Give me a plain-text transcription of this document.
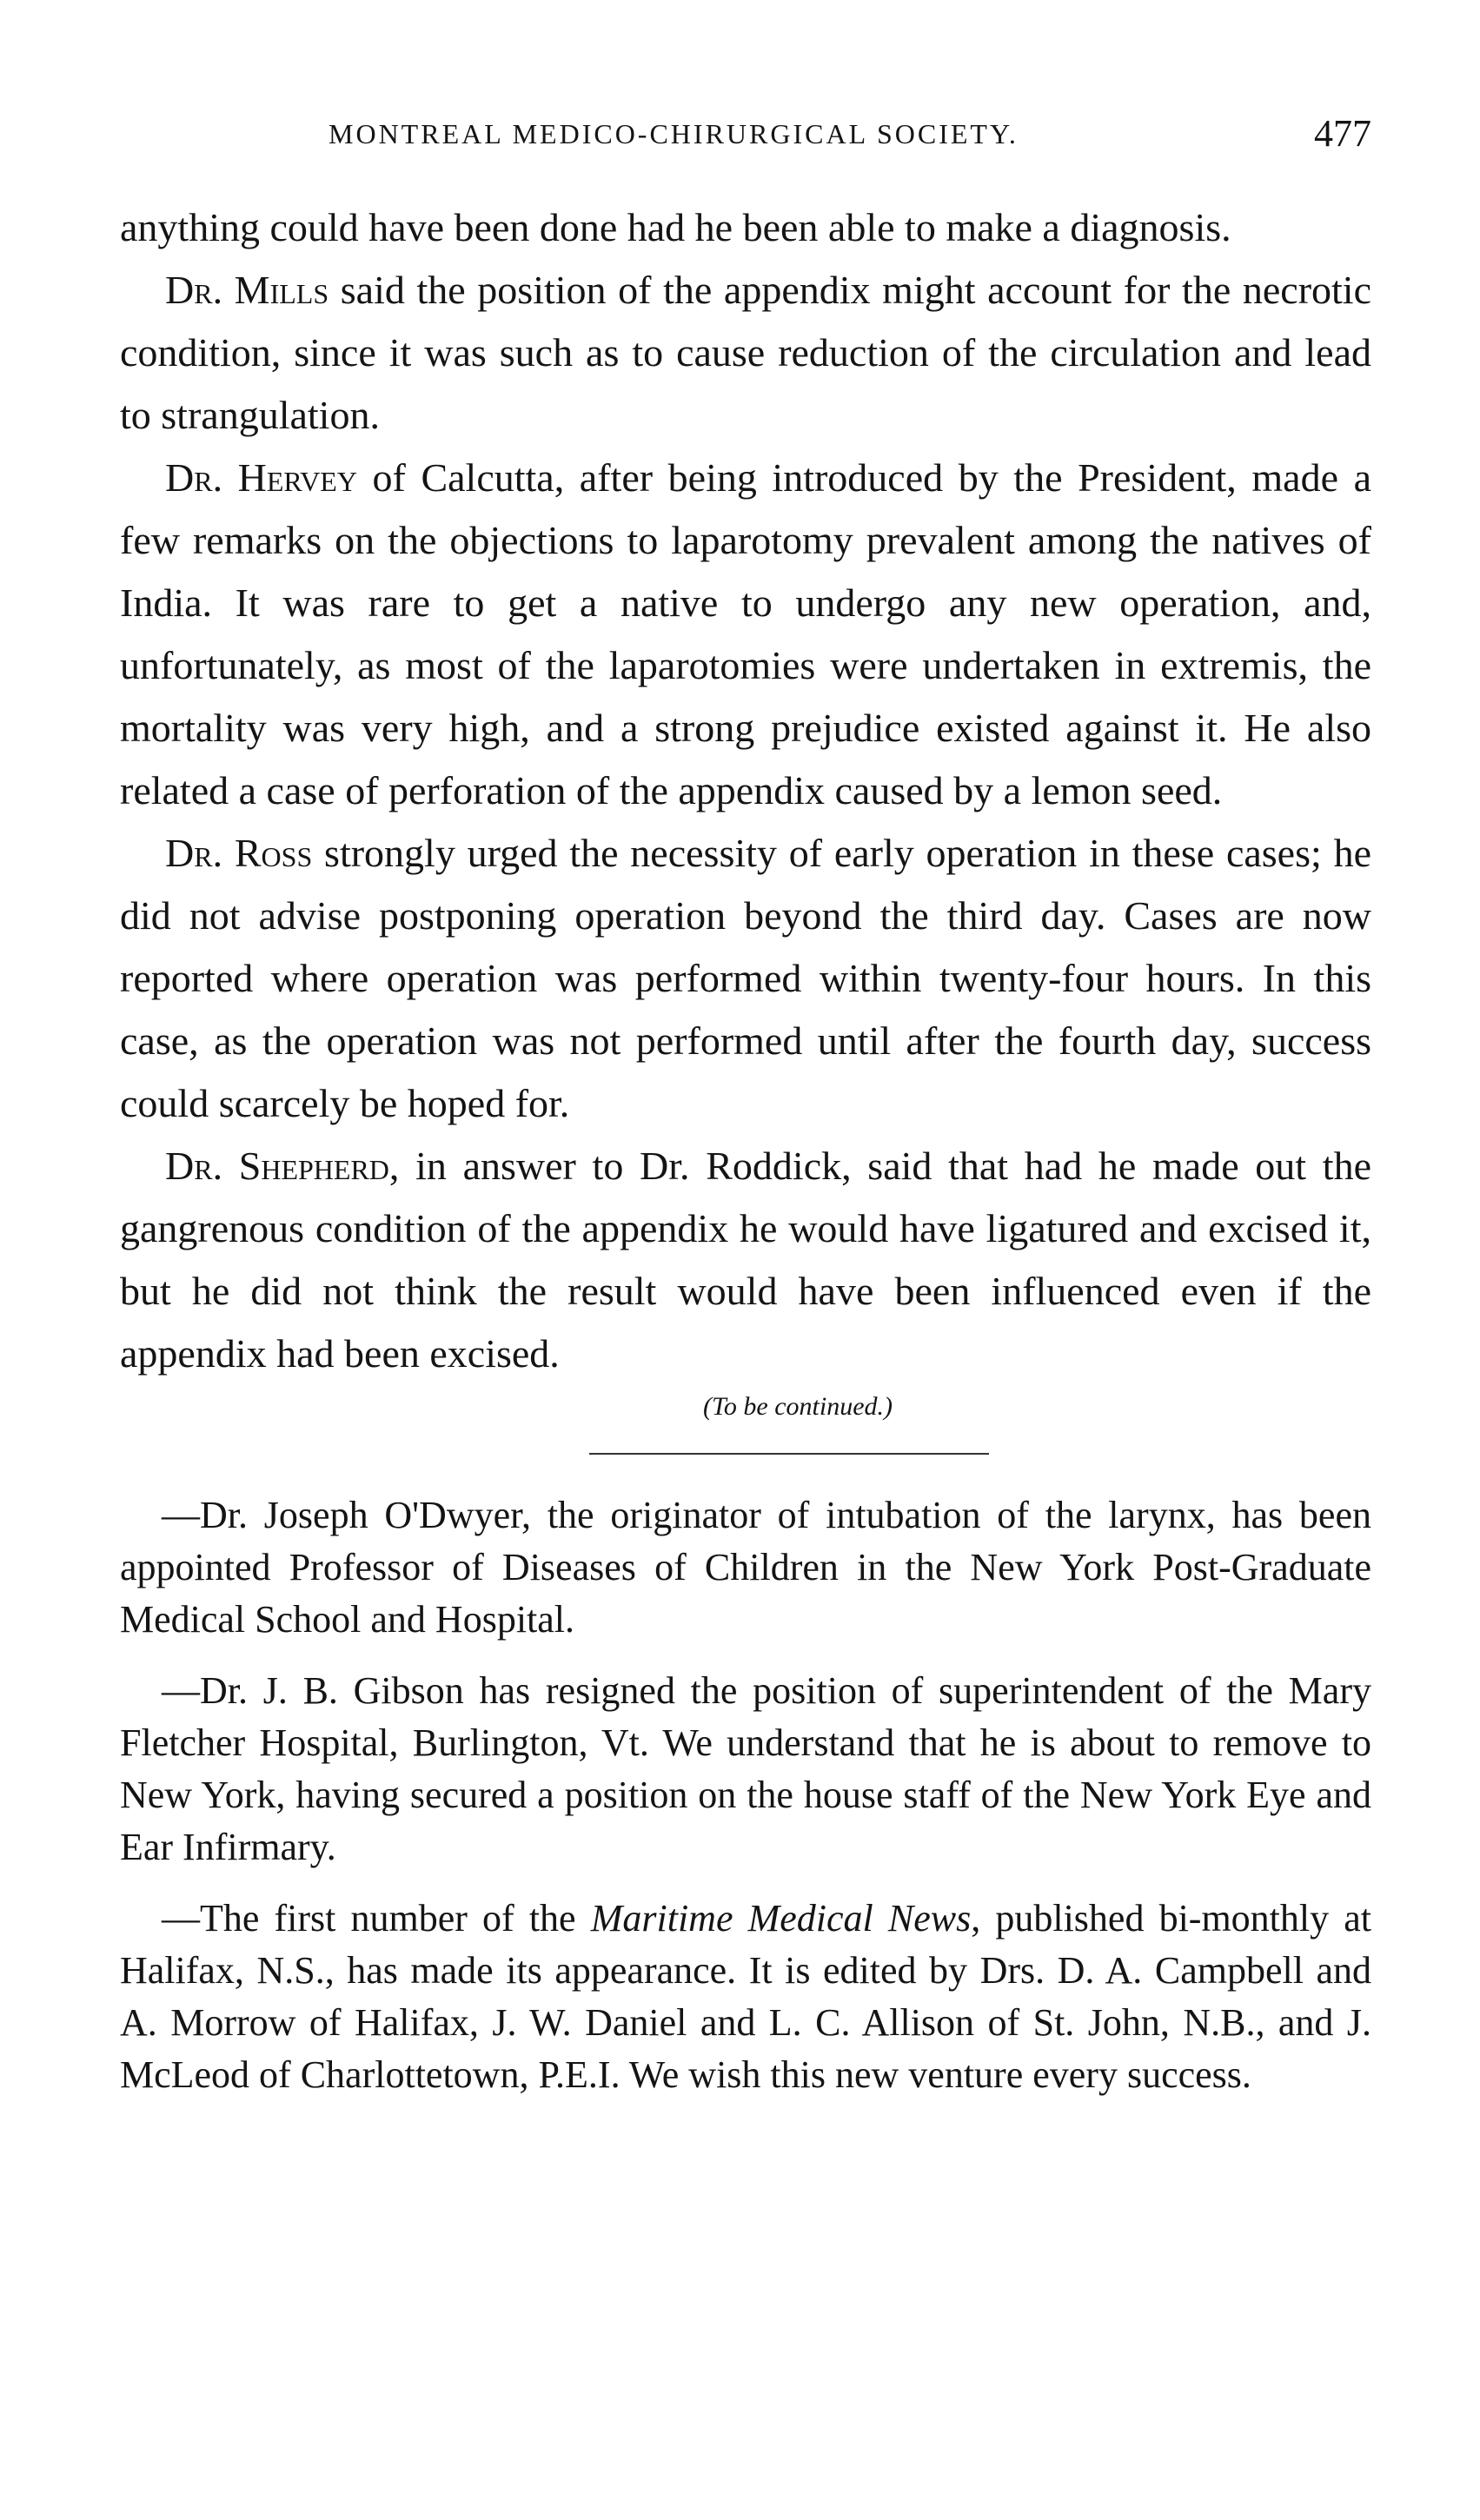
MONTREAL MEDICO-CHIRURGICAL SOCIETY.	477

anything could have been done had he been able to make a diagnosis.

Dr. Mills said the position of the appendix might account for the necrotic condition, since it was such as to cause reduction of the circulation and lead to strangulation.

Dr. Hervey of Calcutta, after being introduced by the President, made a few remarks on the objections to laparotomy prevalent among the natives of India. It was rare to get a native to undergo any new operation, and, unfortunately, as most of the laparotomies were undertaken in extremis, the mortality was very high, and a strong prejudice existed against it. He also related a case of perforation of the appendix caused by a lemon seed.

Dr. Ross strongly urged the necessity of early operation in these cases; he did not advise postponing operation beyond the third day. Cases are now reported where operation was performed within twenty-four hours. In this case, as the operation was not performed until after the fourth day, success could scarcely be hoped for.

Dr. Shepherd, in answer to Dr. Roddick, said that had he made out the gangrenous condition of the appendix he would have ligatured and excised it, but he did not think the result would have been influenced even if the appendix had been excised.

(To be continued.)

—Dr. Joseph O'Dwyer, the originator of intubation of the larynx, has been appointed Professor of Diseases of Children in the New York Post-Graduate Medical School and Hospital.

—Dr. J. B. Gibson has resigned the position of superintendent of the Mary Fletcher Hospital, Burlington, Vt. We understand that he is about to remove to New York, having secured a position on the house staff of the New York Eye and Ear Infirmary.

—The first number of the Maritime Medical News, published bi-monthly at Halifax, N.S., has made its appearance. It is edited by Drs. D. A. Campbell and A. Morrow of Halifax, J. W. Daniel and L. C. Allison of St. John, N.B., and J. McLeod of Charlottetown, P.E.I. We wish this new venture every success.
